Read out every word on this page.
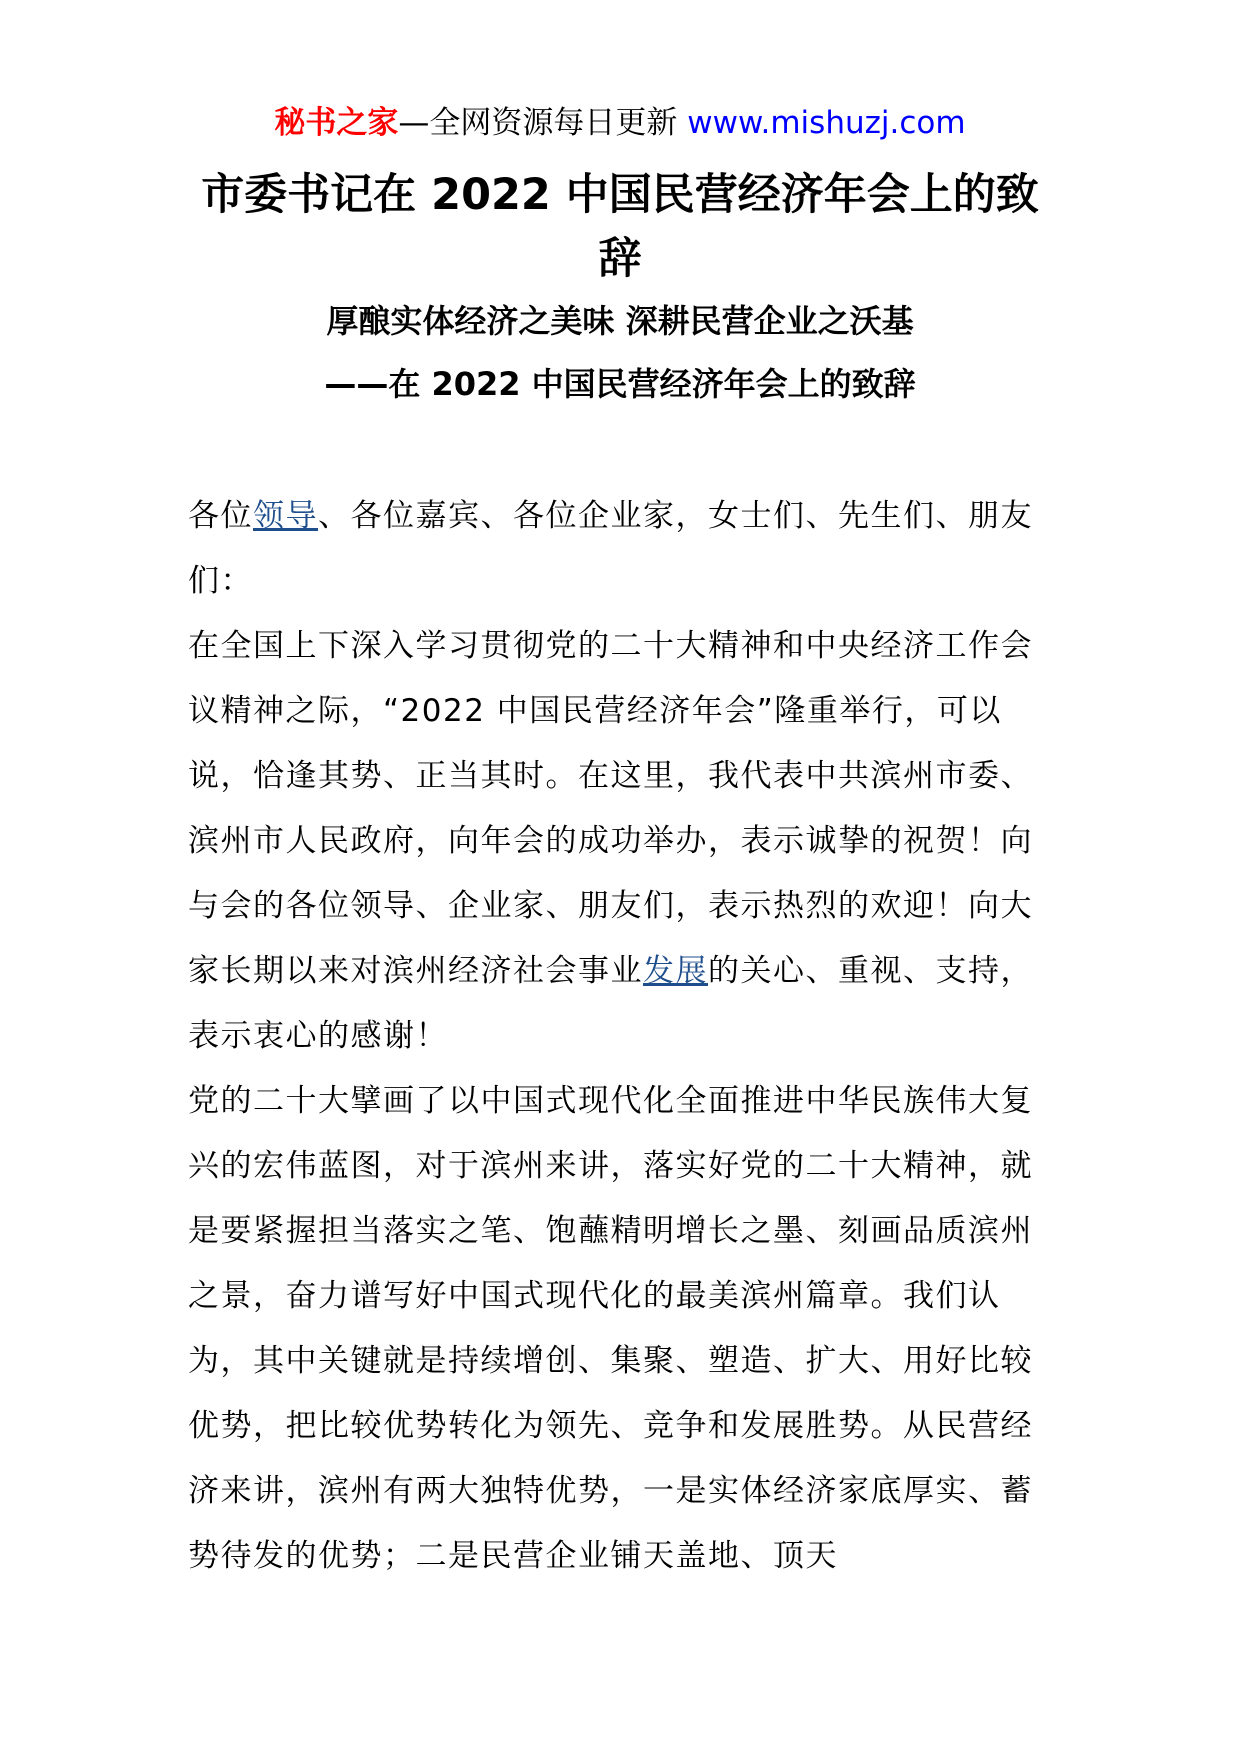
秘书之家—全网资源每日更新 www.mishuzj.com
市委书记在 2022 中国民营经济年会上的致辞
厚酿实体经济之美味 深耕民营企业之沃基
——在 2022 中国民营经济年会上的致辞

各位领导、各位嘉宾、各位企业家，女士们、先生们、朋友们：

在全国上下深入学习贯彻党的二十大精神和中央经济工作会议精神之际，“2022 中国民营经济年会”隆重举行，可以说，恰逢其势、正当其时。在这里，我代表中共滨州市委、滨州市人民政府，向年会的成功举办，表示诚挚的祝贺！向与会的各位领导、企业家、朋友们，表示热烈的欢迎！向大家长期以来对滨州经济社会事业发展的关心、重视、支持，表示衷心的感谢！

党的二十大擘画了以中国式现代化全面推进中华民族伟大复兴的宏伟蓝图，对于滨州来讲，落实好党的二十大精神，就是要紧握担当落实之笔、饱蘸精明增长之墨、刻画品质滨州之景，奋力谱写好中国式现代化的最美滨州篇章。我们认为，其中关键就是持续增创、集聚、塑造、扩大、用好比较优势，把比较优势转化为领先、竞争和发展胜势。从民营经济来讲，滨州有两大独特优势，一是实体经济家底厚实、蓄势待发的优势；二是民营企业铺天盖地、顶天
